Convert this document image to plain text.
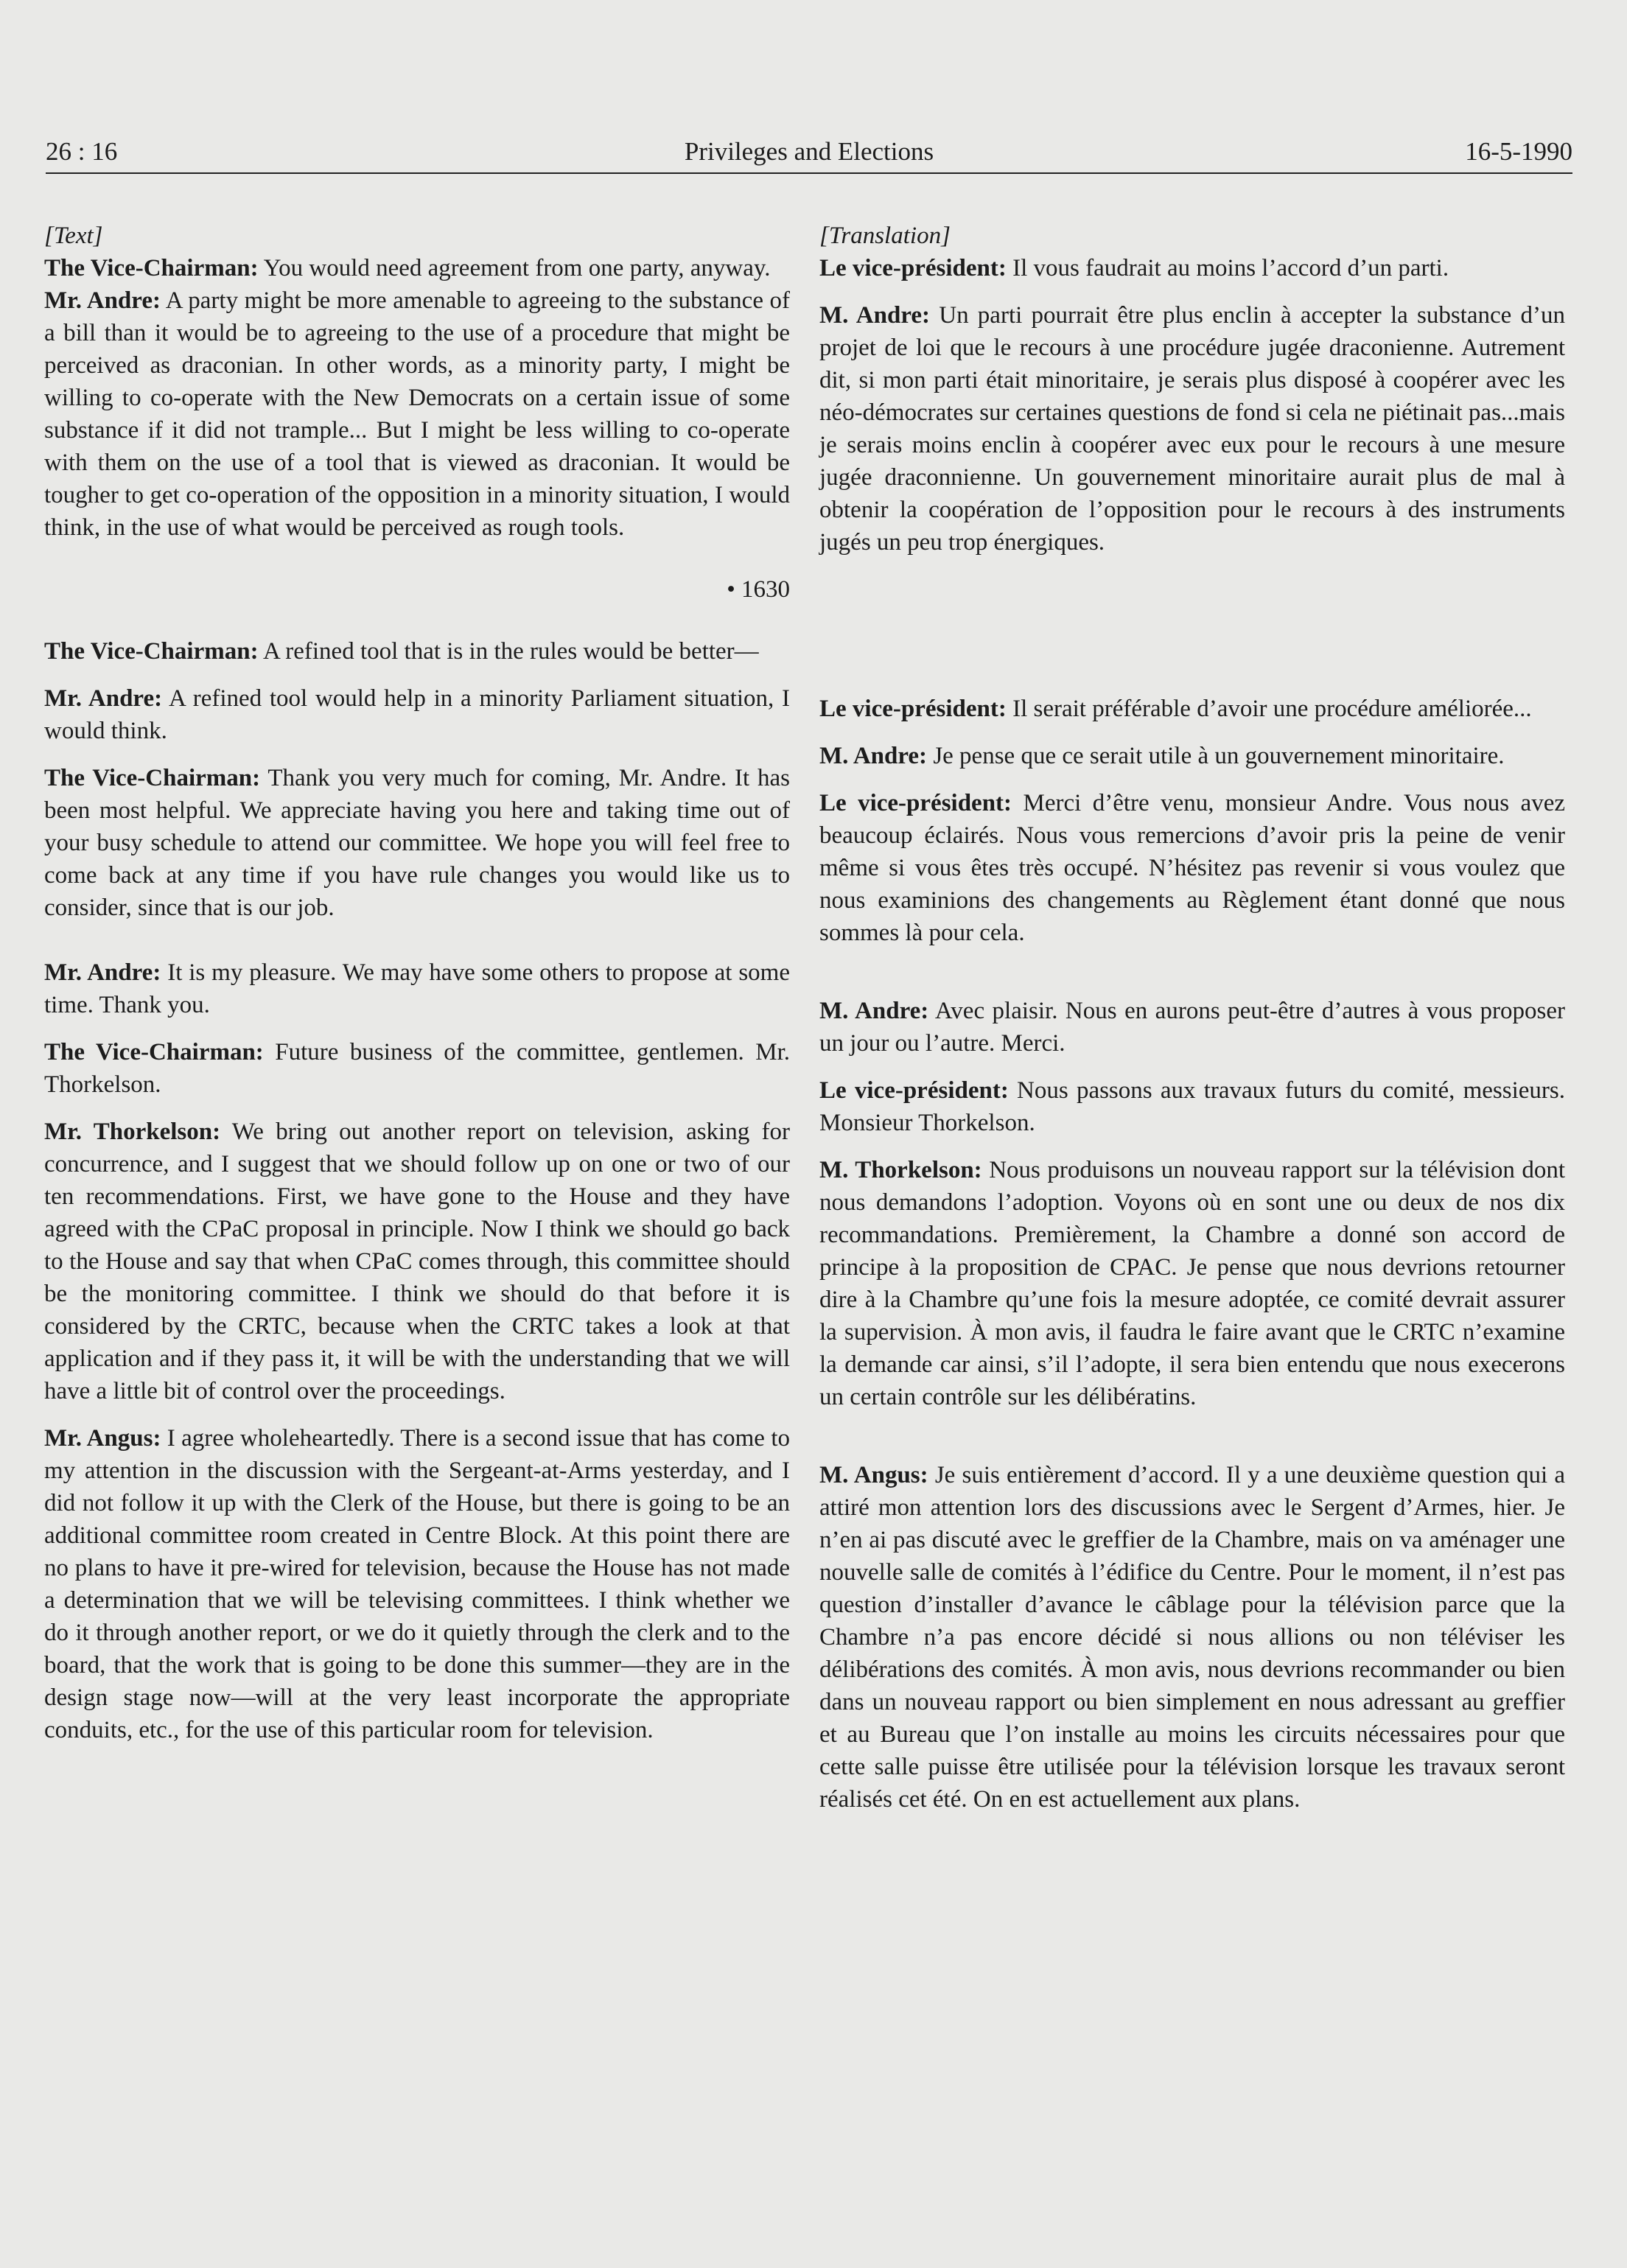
26 : 16	Privileges and Elections	16-5-1990

[Text]

The Vice-Chairman: You would need agreement from one party, anyway.

Mr. Andre: A party might be more amenable to agreeing to the substance of a bill than it would be to agreeing to the use of a procedure that might be perceived as draconian. In other words, as a minority party, I might be willing to co-operate with the New Democrats on a certain issue of some substance if it did not trample... But I might be less willing to co-operate with them on the use of a tool that is viewed as draconian. It would be tougher to get co-operation of the opposition in a minority situation, I would think, in the use of what would be perceived as rough tools.

• 1630

The Vice-Chairman: A refined tool that is in the rules would be better—

Mr. Andre: A refined tool would help in a minority Parliament situation, I would think.

The Vice-Chairman: Thank you very much for coming, Mr. Andre. It has been most helpful. We appreciate having you here and taking time out of your busy schedule to attend our committee. We hope you will feel free to come back at any time if you have rule changes you would like us to consider, since that is our job.

Mr. Andre: It is my pleasure. We may have some others to propose at some time. Thank you.

The Vice-Chairman: Future business of the committee, gentlemen. Mr. Thorkelson.

Mr. Thorkelson: We bring out another report on television, asking for concurrence, and I suggest that we should follow up on one or two of our ten recommendations. First, we have gone to the House and they have agreed with the CPaC proposal in principle. Now I think we should go back to the House and say that when CPaC comes through, this committee should be the monitoring committee. I think we should do that before it is considered by the CRTC, because when the CRTC takes a look at that application and if they pass it, it will be with the understanding that we will have a little bit of control over the proceedings.

Mr. Angus: I agree wholeheartedly. There is a second issue that has come to my attention in the discussion with the Sergeant-at-Arms yesterday, and I did not follow it up with the Clerk of the House, but there is going to be an additional committee room created in Centre Block. At this point there are no plans to have it pre-wired for television, because the House has not made a determination that we will be televising committees. I think whether we do it through another report, or we do it quietly through the clerk and to the board, that the work that is going to be done this summer—they are in the design stage now—will at the very least incorporate the appropriate conduits, etc., for the use of this particular room for television.

[Translation]

Le vice-président: Il vous faudrait au moins l’accord d’un parti.

M. Andre: Un parti pourrait être plus enclin à accepter la substance d’un projet de loi que le recours à une procédure jugée draconienne. Autrement dit, si mon parti était minoritaire, je serais plus disposé à coopérer avec les néo-démocrates sur certaines questions de fond si cela ne piétinait pas...mais je serais moins enclin à coopérer avec eux pour le recours à une mesure jugée draconnienne. Un gouvernement minoritaire aurait plus de mal à obtenir la coopération de l’opposition pour le recours à des instruments jugés un peu trop énergiques.

Le vice-président: Il serait préférable d’avoir une procédure améliorée...

M. Andre: Je pense que ce serait utile à un gouvernement minoritaire.

Le vice-président: Merci d’être venu, monsieur Andre. Vous nous avez beaucoup éclairés. Nous vous remercions d’avoir pris la peine de venir même si vous êtes très occupé. N’hésitez pas revenir si vous voulez que nous examinions des changements au Règlement étant donné que nous sommes là pour cela.

M. Andre: Avec plaisir. Nous en aurons peut-être d’autres à vous proposer un jour ou l’autre. Merci.

Le vice-président: Nous passons aux travaux futurs du comité, messieurs. Monsieur Thorkelson.

M. Thorkelson: Nous produisons un nouveau rapport sur la télévision dont nous demandons l’adoption. Voyons où en sont une ou deux de nos dix recommandations. Premièrement, la Chambre a donné son accord de principe à la proposition de CPAC. Je pense que nous devrions retourner dire à la Chambre qu’une fois la mesure adoptée, ce comité devrait assurer la supervision. À mon avis, il faudra le faire avant que le CRTC n’examine la demande car ainsi, s’il l’adopte, il sera bien entendu que nous execerons un certain contrôle sur les délibératins.

M. Angus: Je suis entièrement d’accord. Il y a une deuxième question qui a attiré mon attention lors des discussions avec le Sergent d’Armes, hier. Je n’en ai pas discuté avec le greffier de la Chambre, mais on va aménager une nouvelle salle de comités à l’édifice du Centre. Pour le moment, il n’est pas question d’installer d’avance le câblage pour la télévision parce que la Chambre n’a pas encore décidé si nous allions ou non téléviser les délibérations des comités. À mon avis, nous devrions recommander ou bien dans un nouveau rapport ou bien simplement en nous adressant au greffier et au Bureau que l’on installe au moins les circuits nécessaires pour que cette salle puisse être utilisée pour la télévision lorsque les travaux seront réalisés cet été. On en est actuellement aux plans.
